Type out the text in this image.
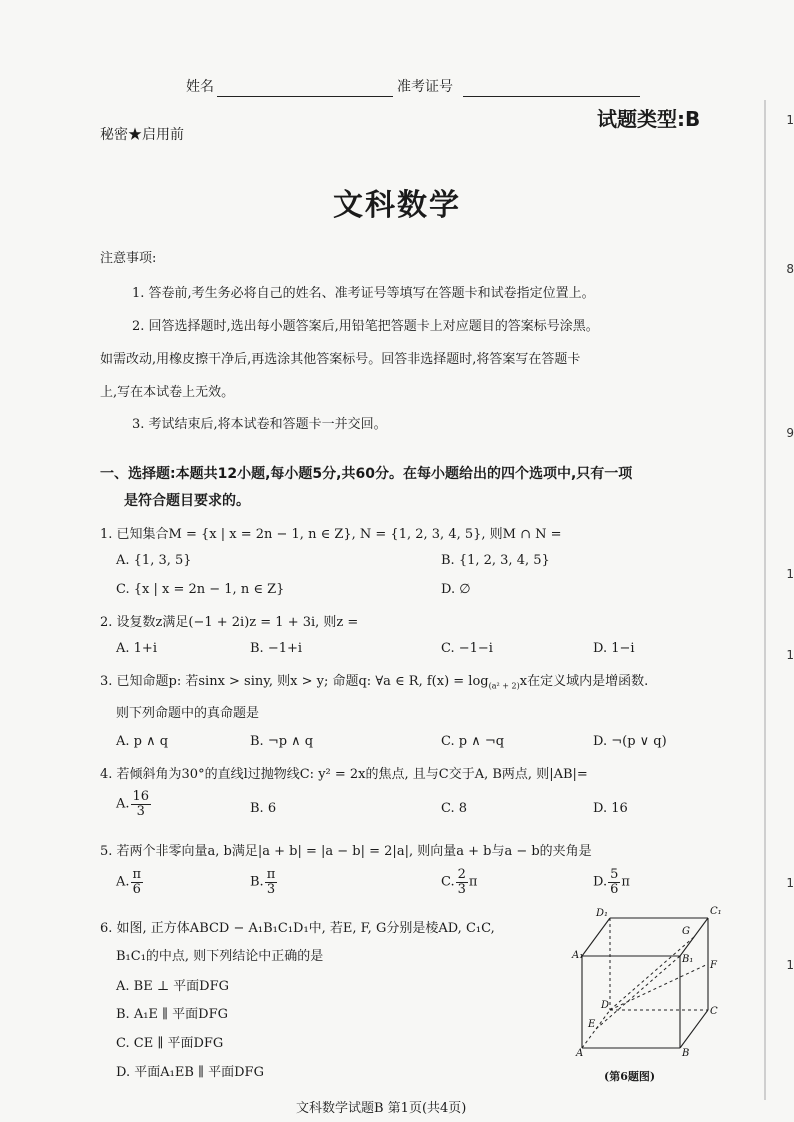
姓名	准考证号
试题类型:B
秘密★启用前
文科数学
注意事项:
1. 答卷前,考生务必将自己的姓名、准考证号等填写在答题卡和试卷指定位置上。
2. 回答选择题时,选出每小题答案后,用铅笔把答题卡上对应题目的答案标号涂黑。
如需改动,用橡皮擦干净后,再选涂其他答案标号。回答非选择题时,将答案写在答题卡
上,写在本试卷上无效。
3. 考试结束后,将本试卷和答题卡一并交回。
一、选择题:本题共12小题,每小题5分,共60分。在每小题给出的四个选项中,只有一项
是符合题目要求的。
1. 已知集合M = {x | x = 2n − 1, n ∈ Z}, N = {1, 2, 3, 4, 5}, 则M ∩ N =
A. {1, 3, 5}	B. {1, 2, 3, 4, 5}
C. {x | x = 2n − 1, n ∈ Z}	D. ∅
2. 设复数z满足(−1 + 2i)z = 1 + 3i, 则z =
A. 1+i	B. −1+i	C. −1−i	D. 1−i
3. 已知命题p: 若sinx > siny, 则x > y; 命题q: ∀a ∈ R, $f(x) = \log_{(a^2 + 2)}x$在定义域内是增函数.
则下列命题中的真命题是
A. p ∧ q	B. ¬p ∧ q	C. p ∧ ¬q	D. ¬(p ∨ q)
4. 若倾斜角为30°的直线l过抛物线C: y² = 2x的焦点, 且与C交于A, B两点, 则|AB|=
A. $\frac{16}{3}$	B. 6	C. 8	D. 16
5. 若两个非零向量a, b满足|a + b| = |a − b| = 2|a|, 则向量a + b与a − b的夹角是
A. $\frac{\pi}{6}$	B. $\frac{\pi}{3}$	C. $\frac{2}{3}$ π	D. $\frac{5}{6}$ π
6. 如图, 正方体ABCD − A₁B₁C₁D₁中, 若E, F, G分别是棱AD, C₁C,
B₁C₁的中点, 则下列结论中正确的是
A. BE ⊥ 平面DFG
B. A₁E ∥ 平面DFG
C. CE ∥ 平面DFG
D. 平面A₁EB ∥ 平面DFG
D₁	C₁
A₁	B₁
G
F
D
C
E
A	B
(第6题图)
文科数学试题B 第1页(共4页)
1
8
9
1
1
1
1
